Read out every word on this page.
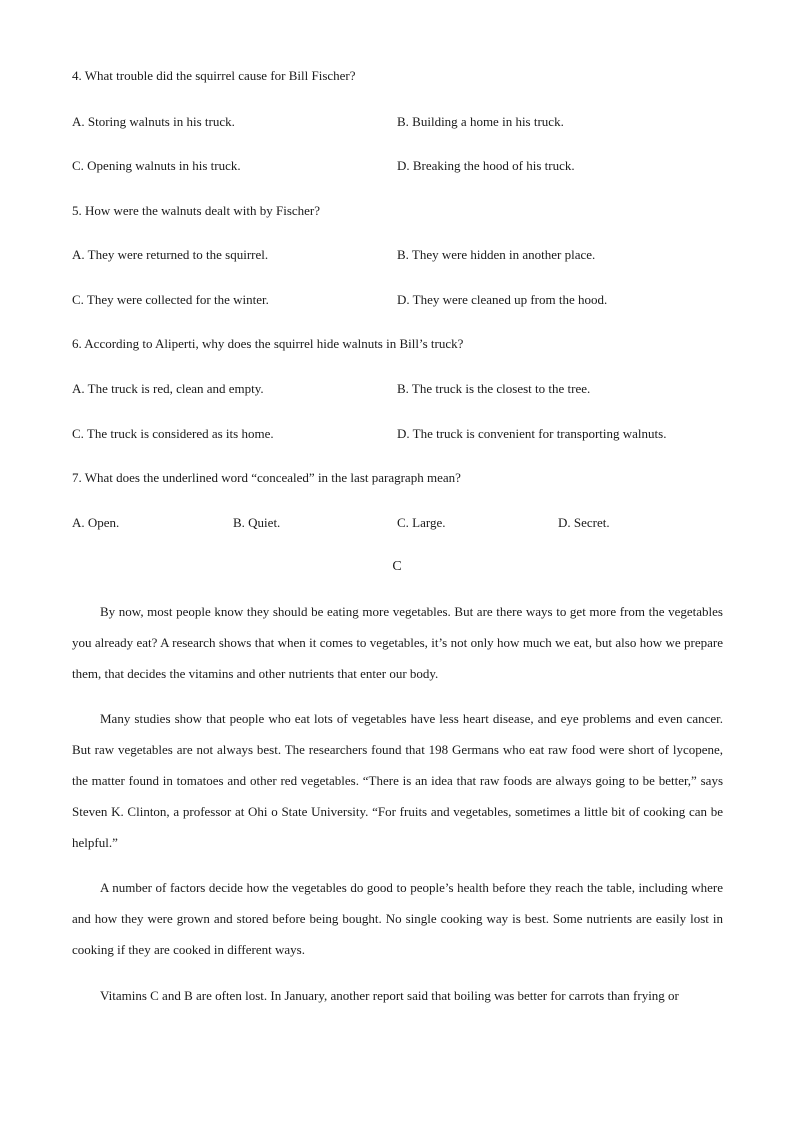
4. What trouble did the squirrel cause for Bill Fischer?
A. Storing walnuts in his truck.	B. Building a home in his truck.
C. Opening walnuts in his truck.	D. Breaking the hood of his truck.
5. How were the walnuts dealt with by Fischer?
A. They were returned to the squirrel.	B. They were hidden in another place.
C. They were collected for the winter.	D. They were cleaned up from the hood.
6. According to Aliperti, why does the squirrel hide walnuts in Bill’s truck?
A. The truck is red, clean and empty.	B. The truck is the closest to the tree.
C. The truck is considered as its home.	D. The truck is convenient for transporting walnuts.
7. What does the underlined word “concealed” in the last paragraph mean?
A. Open.	B. Quiet.	C. Large.	D. Secret.
C

By now, most people know they should be eating more vegetables. But are there ways to get more from the vegetables you already eat? A research shows that when it comes to vegetables, it’s not only how much we eat, but also how we prepare them, that decides the vitamins and other nutrients that enter our body.

Many studies show that people who eat lots of vegetables have less heart disease, and eye problems and even cancer. But raw vegetables are not always best. The researchers found that 198 Germans who eat raw food were short of lycopene, the matter found in tomatoes and other red vegetables. “There is an idea that raw foods are always going to be better,” says Steven K. Clinton, a professor at Ohi o State University. “For fruits and vegetables, sometimes a little bit of cooking can be helpful.”

A number of factors decide how the vegetables do good to people’s health before they reach the table, including where and how they were grown and stored before being bought. No single cooking way is best. Some nutrients are easily lost in cooking if they are cooked in different ways.

Vitamins C and B are often lost. In January, another report said that boiling was better for carrots than frying or
